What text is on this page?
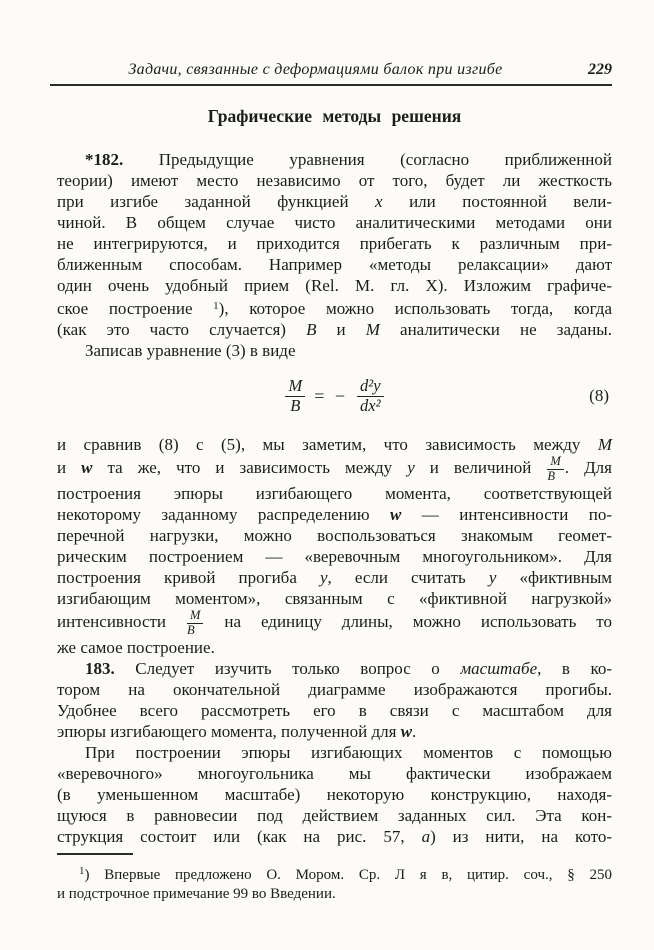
Задачи, связанные с деформациями балок при изгибе	229
Графические методы решения
*182. Предыдущие уравнения (согласно приближенной
теории) имеют место независимо от того, будет ли жесткость
при изгибе заданной функцией x или постоянной вели-
чиной. В общем случае чисто аналитическими методами они
не интегрируются, и приходится прибегать к различным при-
ближенным способам. Например «методы релаксации» дают
один очень удобный прием (Rel. М. гл. X). Изложим графиче-
ское построение $^1$), которое можно использовать тогда, когда
(как это часто случается) B и M аналитически не заданы.
Записав уравнение (3) в виде
$\frac{M}{B}$ = − $\frac{\text{d²y}}{\text{dx²}}$	(8)
и сравнив (8) с (5), мы заметим, что зависимость между M
и w та же, что и зависимость между y и величиной $\frac{M}{B}$ . Для
построения эпюры изгибающего момента, соответствующей
некоторому заданному распределению w — интенсивности по-
перечной нагрузки, можно воспользоваться знакомым геомет-
рическим построением — «веревочным многоугольником». Для
построения кривой прогиба y, если считать y «фиктивным
изгибающим моментом», связанным с «фиктивной нагрузкой»
интенсивности $\frac{M}{B}$ на единицу длины, можно использовать то
же самое построение.
183. Следует изучить только вопрос о масштабе, в ко-
тором на окончательной диаграмме изображаются прогибы.
Удобнее всего рассмотреть его в связи с масштабом для
эпюры изгибающего момента, полученной для w.
При построении эпюры изгибающих моментов с помощью
«веревочного» многоугольника мы фактически изображаем
(в уменьшенном масштабе) некоторую конструкцию, находя-
щуюся в равновесии под действием заданных сил. Эта кон-
струкция состоит или (как на рис. 57, а) из нити, на кото-
$^1$) Впервые предложено О. Мором. Ср. Л я в, цитир. соч., § 250
и подстрочное примечание 99 во Введении.
